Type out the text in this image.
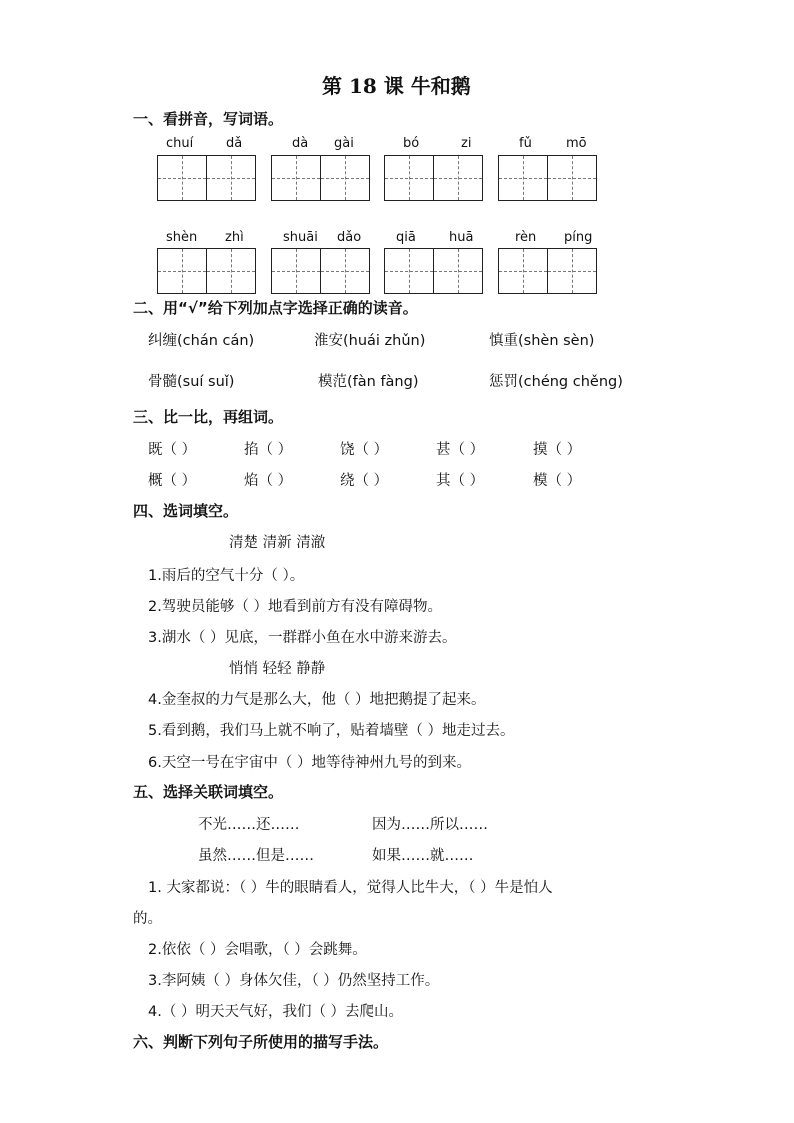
第 18 课 牛和鹅
一、看拼音，写词语。
chuí	dǎ	dà gài	bó	zi	fǔ	mō
shèn zhì	shuāi dǎo	qiā	huā	rèn píng
二、用“√”给下列加点字选择正确的读音。
纠缠(chán cán)	淮安(huái zhǔn)	慎重(shèn sèn)
骨髓(suí suǐ)	模范(fàn fàng)	惩罚(chéng chěng)
三、比一比，再组词。
既（ ）	掐（ ）	饶（ ）	甚（ ）	摸（ ）
概（ ）	焰（ ）	绕（ ）	其（ ）	模（ ）
四、选词填空。
清楚 清新 清澈
1.雨后的空气十分（ ）。
2.驾驶员能够（ ）地看到前方有没有障碍物。
3.湖水（ ）见底，一群群小鱼在水中游来游去。
悄悄 轻轻 静静
4.金奎叔的力气是那么大，他（ ）地把鹅提了起来。
5.看到鹅，我们马上就不响了，贴着墙壁（ ）地走过去。
6.天空一号在宇宙中（ ）地等待神州九号的到来。
五、选择关联词填空。
不光……还……	因为……所以……
虽然……但是……	如果……就……
1. 大家都说：（ ）牛的眼睛看人，觉得人比牛大，（ ）牛是怕人
的。
2.依依（ ）会唱歌，（ ）会跳舞。
3.李阿姨（ ）身体欠佳，（ ）仍然坚持工作。
4.（ ）明天天气好，我们（ ）去爬山。
六、判断下列句子所使用的描写手法。
